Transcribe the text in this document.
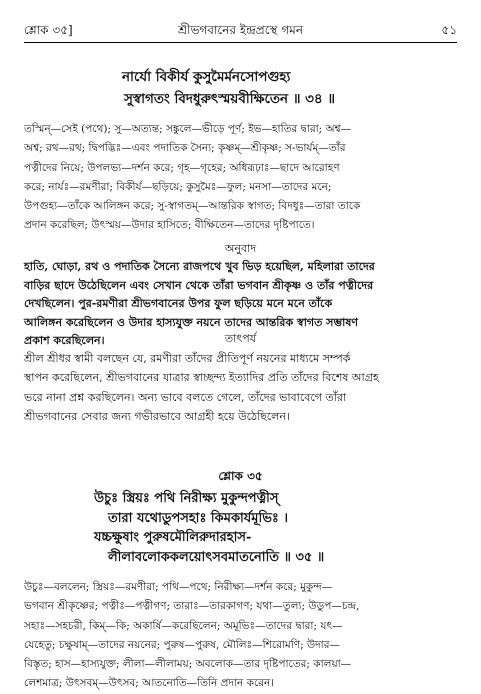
শ্লোক ৩৫]	শ্রীভগবানের ইন্দ্রপ্রস্থে গমন	৫১
নার্যো বিকীর্য কুসুমৈর্মনসোপগুহ্য
সুস্বাগতং বিদধুরুৎস্ময়বীক্ষিতেন ॥ ৩৪ ॥
তস্মিন্—সেই (পথে); সু—অত্যন্ত; সঙ্কুলে—ভীড়ে পূর্ণ; ইভ—হাতির দ্বারা; অশ্ব—
অশ্ব; রথ—রথ; দ্বিপদ্ভিঃ—এবং পদাতিক সৈন্য; কৃষ্ণম্—শ্রীকৃষ্ণ; স-ভার্যম্—তাঁর
পত্নীদের নিয়ে; উপলভ্য—দর্শন করে; গৃহ—গৃহের; অধিরূঢ়াঃ—ছাদে আরোহণ
করে; নার্যঃ—রমণীরা; বিকীর্য—ছড়িয়ে; কুসুমৈঃ—ফুল; মনসা—তাদের মনে;
উপগুহ্য—তাঁকে আলিঙ্গন করে; সু-স্বাগতম্—আন্তরিক স্বাগত; বিদধুঃ—তারা তাকে
প্রদান করেছিল; উৎস্ময়—উদার হাসিতে; বীক্ষিতেন—তাদের দৃষ্টিপাতে।
অনুবাদ
হাতি, ঘোড়া, রথ ও পদাতিক সৈন্যে রাজপথে খুব ভিড় হয়েছিল, মহিলারা তাদের
বাড়ির ছাদে উঠেছিলেন এবং সেখান থেকে তাঁরা ভগবান শ্রীকৃষ্ণ ও তাঁর পত্নীদের
দেখছিলেন। পুর-রমণীরা শ্রীভগবানের উপর ফুল ছড়িয়ে মনে মনে তাঁকে
আলিঙ্গন করেছিলেন ও উদার হাস্যযুক্ত নয়নে তাদের আন্তরিক স্বাগত সম্ভাষণ
প্রকাশ করেছিলেন।	তাৎপর্য
শ্রীল শ্রীধর স্বামী বলছেন যে, রমণীরা তাঁদের প্রীতিপূর্ণ নয়নের মাধ্যমে সম্পর্ক
স্থাপন করেছিলেন, শ্রীভগবানের যাত্রার স্বাচ্ছন্দ্য ইত্যাদির প্রতি তাঁদের বিশেষ আগ্রহ
ভরে নানা প্রশ্ন করছিলেন। অন্য ভাবে বলতে গেলে, তাঁদের ভাবাবেগে তাঁরা
শ্রীভগবানের সেবার জন্য গভীরভাবে আগ্রহী হয়ে উঠেছিলেন।
শ্লোক ৩৫
উচুঃ স্ত্রিয়ঃ পথি নিরীক্ষ্য মুকুন্দপত্নীস্
তারা যথোডুপসহাঃ কিমকার্যমূভিঃ ।
যচ্চক্ষুষাং পুরুষমৌলিরুদারহাস-
লীলাবলোককলয়োৎসবমাতনোতি ॥ ৩৫ ॥
উচুঃ—বললেন; স্ত্রিয়ঃ—রমণীরা; পথি—পথে; নিরীক্ষ্য—দর্শন করে; মুকুন্দ—
ভগবান শ্রীকৃষ্ণের; পত্নীঃ—পত্নীগণ; তারাঃ—তারকাগণ; যথা—তুল্য; উডুপ—চন্দ্র,
সহাঃ—সহচরী, কিম্—কি; অকার্ষি—করেছিলেন; অমূভিঃ—তাদের দ্বারা; যৎ—
যেহেতু; চক্ষুষাম্—তাদের নয়নের; পুরুষ—পুরুষ, মৌলিঃ—শিরোমণি; উদার—
বিস্তৃত; হাস—হাস্যযুক্ত; লীলা—লীলাময়; অবলোক—তার দৃষ্টিপাতের; কালয়া—
লেশমাত্র; উৎসবম্—উৎসব; আতনোতি—তিনি প্রদান করেন।
